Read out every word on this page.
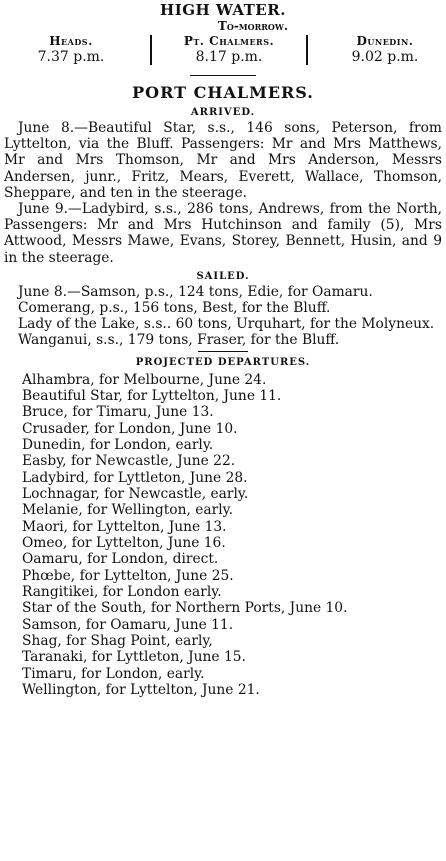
HIGH WATER.
To-morrow.
Heads.
7.37 p.m.
Pt. Chalmers.
8.17 p.m.
Dunedin.
9.02 p.m.
PORT CHALMERS.
ARRIVED.

June 8.—Beautiful Star, s.s., 146 sons, Peterson, from Lyttelton, via the Bluff. Passengers: Mr and Mrs Matthews, Mr and Mrs Thomson, Mr and Mrs Anderson, Messrs Andersen, junr., Fritz, Mears, Everett, Wallace, Thomson, Sheppare, and ten in the steerage.

June 9.—Ladybird, s.s., 286 tons, Andrews, from the North, Passengers: Mr and Mrs Hutchinson and family (5), Mrs Attwood, Messrs Mawe, Evans, Storey, Bennett, Husin, and 9 in the steerage.

SAILED.

June 8.—Samson, p.s., 124 tons, Edie, for Oamaru.

Comerang, p.s., 156 tons, Best, for the Bluff.

Lady of the Lake, s.s.. 60 tons, Urquhart, for the Molyneux.

Wanganui, s.s., 179 tons, Fraser, for the Bluff.

PROJECTED DEPARTURES.
Alhambra, for Melbourne, June 24.
Beautiful Star, for Lyttelton, June 11.
Bruce, for Timaru, June 13.
Crusader, for London, June 10.
Dunedin, for London, early.
Easby, for Newcastle, June 22.
Ladybird, for Lyttleton, June 28.
Lochnagar, for Newcastle, early.
Melanie, for Wellington, early.
Maori, for Lyttelton, June 13.
Omeo, for Lyttelton, June 16.
Oamaru, for London, direct.
Phœbe, for Lyttelton, June 25.
Rangitikei, for London early.
Star of the South, for Northern Ports, June 10.
Samson, for Oamaru, June 11.
Shag, for Shag Point, early,
Taranaki, for Lyttleton, June 15.
Timaru, for London, early.
Wellington, for Lyttelton, June 21.
